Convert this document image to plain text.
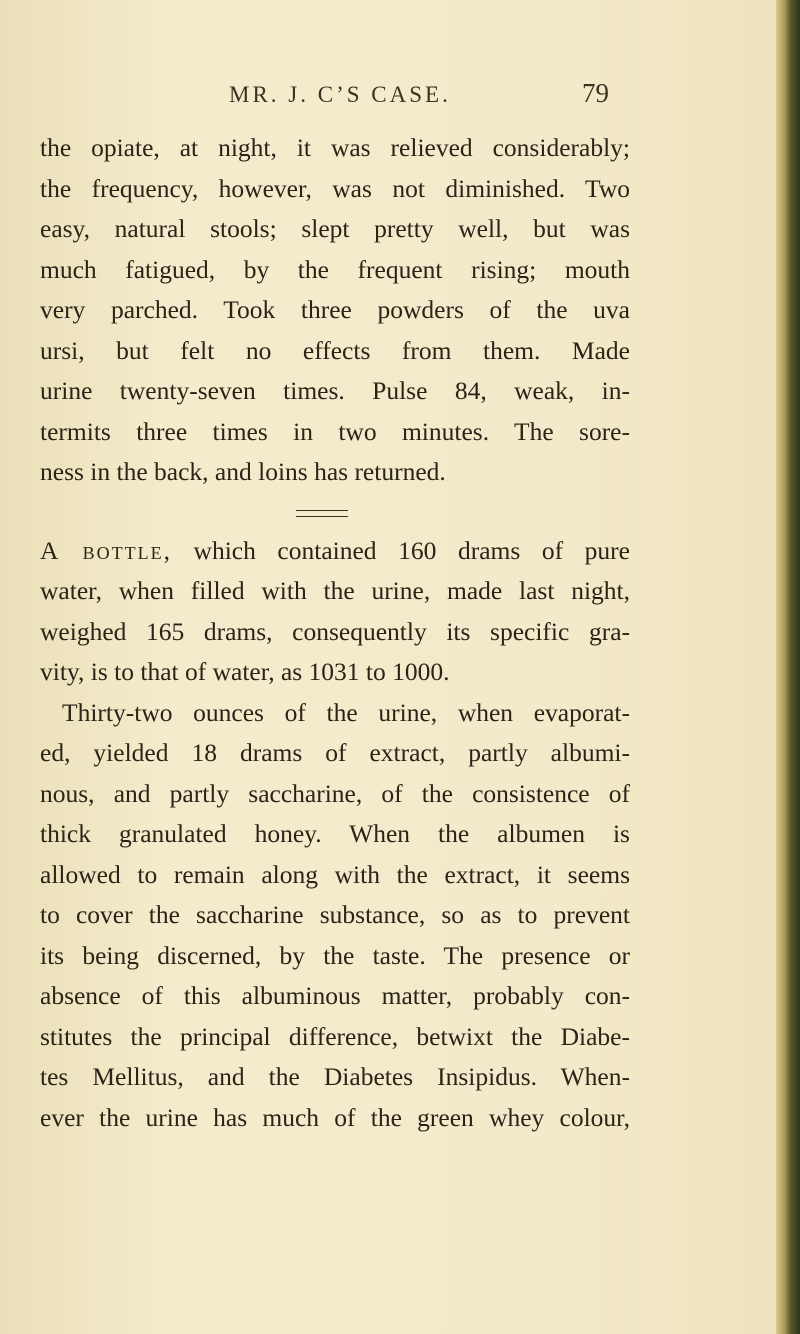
MR. J. C’S CASE.	79
the opiate, at night, it was relieved considerably;
the frequency, however, was not diminished. Two
easy, natural stools; slept pretty well, but was
much fatigued, by the frequent rising; mouth
very parched. Took three powders of the uva
ursi, but felt no effects from them. Made
urine twenty-seven times. Pulse 84, weak, in-
termits three times in two minutes. The sore-
ness in the back, and loins has returned.
A bottle, which contained 160 drams of pure
water, when filled with the urine, made last night,
weighed 165 drams, consequently its specific gra-
vity, is to that of water, as 1031 to 1000.
Thirty-two ounces of the urine, when evaporat-
ed, yielded 18 drams of extract, partly albumi-
nous, and partly saccharine, of the consistence of
thick granulated honey. When the albumen is
allowed to remain along with the extract, it seems
to cover the saccharine substance, so as to prevent
its being discerned, by the taste. The presence or
absence of this albuminous matter, probably con-
stitutes the principal difference, betwixt the Diabe-
tes Mellitus, and the Diabetes Insipidus. When-
ever the urine has much of the green whey colour,
